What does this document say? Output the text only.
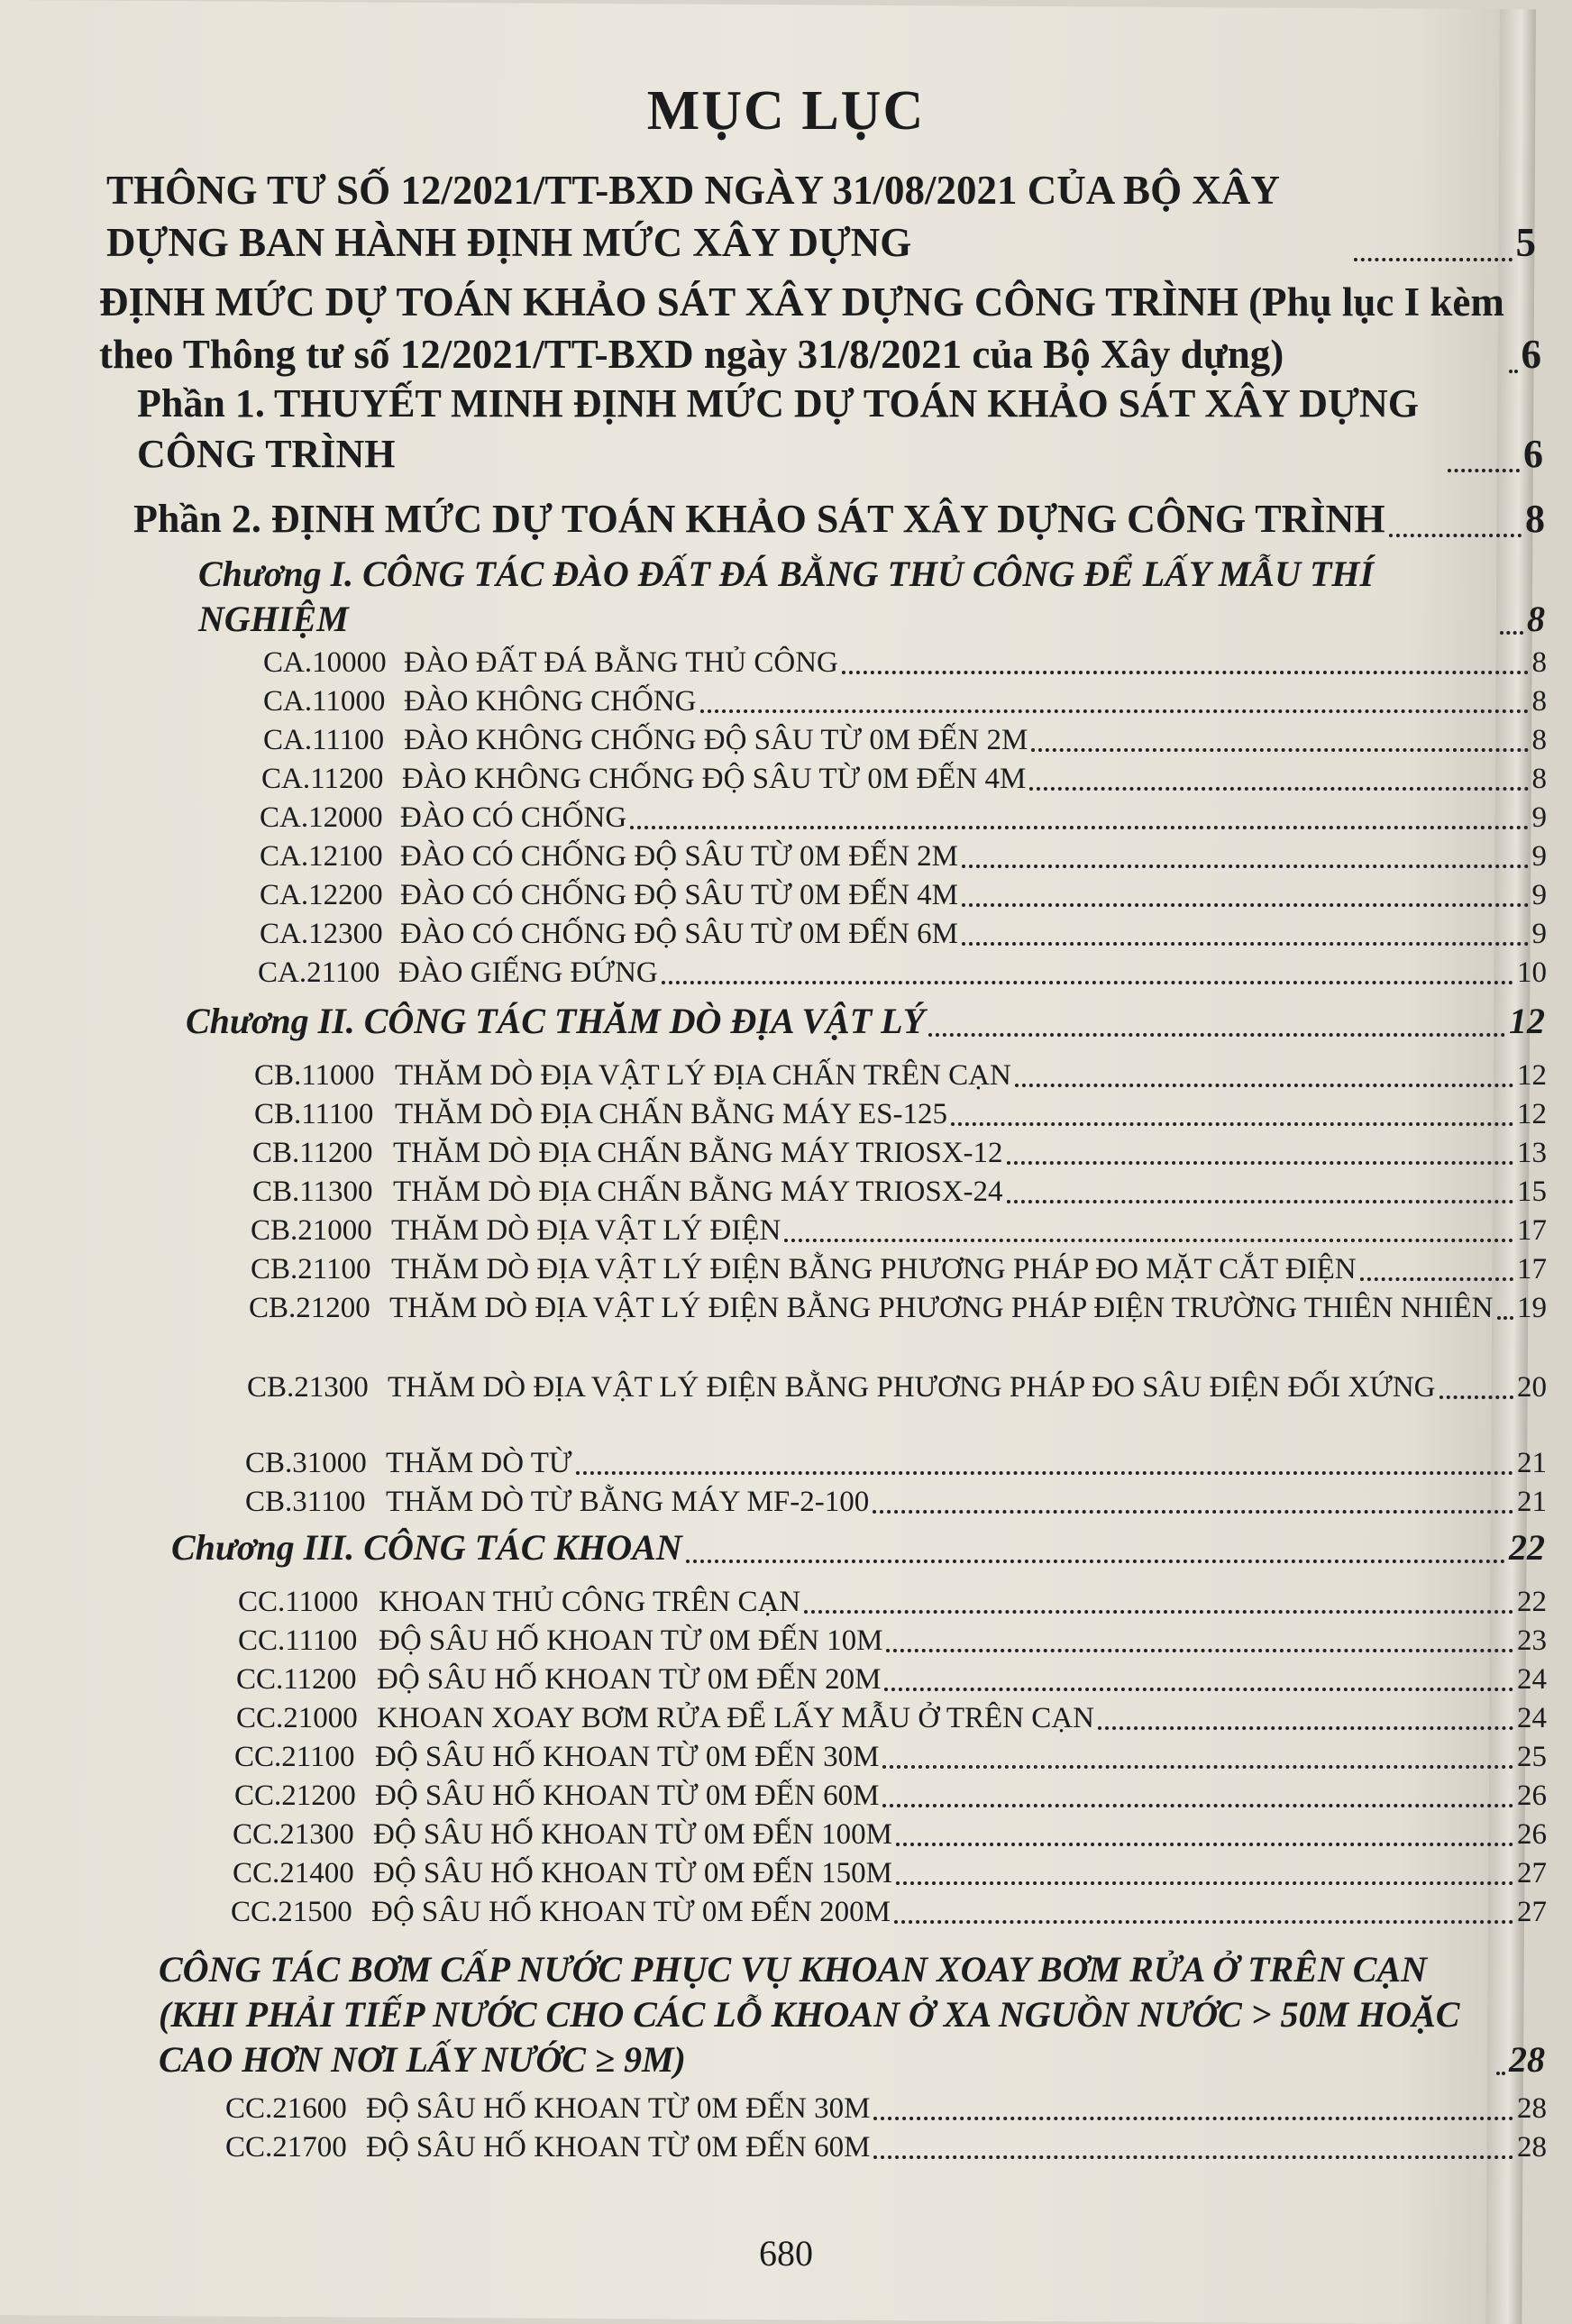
MỤC LỤC
THÔNG TƯ SỐ 12/2021/TT-BXD NGÀY 31/08/2021 CỦA BỘ XÂY DỰNG BAN HÀNH ĐỊNH MỨC XÂY DỰNG	5
ĐỊNH MỨC DỰ TOÁN KHẢO SÁT XÂY DỰNG CÔNG TRÌNH (Phụ lục I kèm theo Thông tư số 12/2021/TT-BXD ngày 31/8/2021 của Bộ Xây dựng)	6
Phần 1. THUYẾT MINH ĐỊNH MỨC DỰ TOÁN KHẢO SÁT XÂY DỰNG CÔNG TRÌNH	6
Phần 2. ĐỊNH MỨC DỰ TOÁN KHẢO SÁT XÂY DỰNG CÔNG TRÌNH	8
Chương I. CÔNG TÁC ĐÀO ĐẤT ĐÁ BẰNG THỦ CÔNG ĐỂ LẤY MẪU THÍ NGHIỆM	8
CA.10000 ĐÀO ĐẤT ĐÁ BẰNG THỦ CÔNG	8
CA.11000 ĐÀO KHÔNG CHỐNG	8
CA.11100 ĐÀO KHÔNG CHỐNG ĐỘ SÂU TỪ 0M ĐẾN 2M	8
CA.11200 ĐÀO KHÔNG CHỐNG ĐỘ SÂU TỪ 0M ĐẾN 4M	8
CA.12000 ĐÀO CÓ CHỐNG	9
CA.12100 ĐÀO CÓ CHỐNG ĐỘ SÂU TỪ 0M ĐẾN 2M	9
CA.12200 ĐÀO CÓ CHỐNG ĐỘ SÂU TỪ 0M ĐẾN 4M	9
CA.12300 ĐÀO CÓ CHỐNG ĐỘ SÂU TỪ 0M ĐẾN 6M	9
CA.21100 ĐÀO GIẾNG ĐỨNG	10
Chương II. CÔNG TÁC THĂM DÒ ĐỊA VẬT LÝ	12
CB.11000 THĂM DÒ ĐỊA VẬT LÝ ĐỊA CHẤN TRÊN CẠN	12
CB.11100 THĂM DÒ ĐỊA CHẤN BẰNG MÁY ES-125	12
CB.11200 THĂM DÒ ĐỊA CHẤN BẰNG MÁY TRIOSX-12	13
CB.11300 THĂM DÒ ĐỊA CHẤN BẰNG MÁY TRIOSX-24	15
CB.21000 THĂM DÒ ĐỊA VẬT LÝ ĐIỆN	17
CB.21100 THĂM DÒ ĐỊA VẬT LÝ ĐIỆN BẰNG PHƯƠNG PHÁP ĐO MẶT CẮT ĐIỆN	17
CB.21200 THĂM DÒ ĐỊA VẬT LÝ ĐIỆN BẰNG PHƯƠNG PHÁP ĐIỆN TRƯỜNG THIÊN NHIÊN 19
CB.21300 THĂM DÒ ĐỊA VẬT LÝ ĐIỆN BẰNG PHƯƠNG PHÁP ĐO SÂU ĐIỆN ĐỐI XỨNG	20
CB.31000 THĂM DÒ TỪ	21
CB.31100 THĂM DÒ TỪ BẰNG MÁY MF-2-100	21
Chương III. CÔNG TÁC KHOAN	22
CC.11000 KHOAN THỦ CÔNG TRÊN CẠN	22
CC.11100 ĐỘ SÂU HỐ KHOAN TỪ 0M ĐẾN 10M	23
CC.11200 ĐỘ SÂU HỐ KHOAN TỪ 0M ĐẾN 20M	24
CC.21000 KHOAN XOAY BƠM RỬA ĐỂ LẤY MẪU Ở TRÊN CẠN	24
CC.21100 ĐỘ SÂU HỐ KHOAN TỪ 0M ĐẾN 30M	25
CC.21200 ĐỘ SÂU HỐ KHOAN TỪ 0M ĐẾN 60M	26
CC.21300 ĐỘ SÂU HỐ KHOAN TỪ 0M ĐẾN 100M	26
CC.21400 ĐỘ SÂU HỐ KHOAN TỪ 0M ĐẾN 150M	27
CC.21500 ĐỘ SÂU HỐ KHOAN TỪ 0M ĐẾN 200M	27
CÔNG TÁC BƠM CẤP NƯỚC PHỤC VỤ KHOAN XOAY BƠM RỬA Ở TRÊN CẠN (KHI PHẢI TIẾP NƯỚC CHO CÁC LỖ KHOAN Ở XA NGUỒN NƯỚC > 50M HOẶC CAO HƠN NƠI LẤY NƯỚC ≥ 9M)	28
CC.21600 ĐỘ SÂU HỐ KHOAN TỪ 0M ĐẾN 30M	28
CC.21700 ĐỘ SÂU HỐ KHOAN TỪ 0M ĐẾN 60M	28
680
